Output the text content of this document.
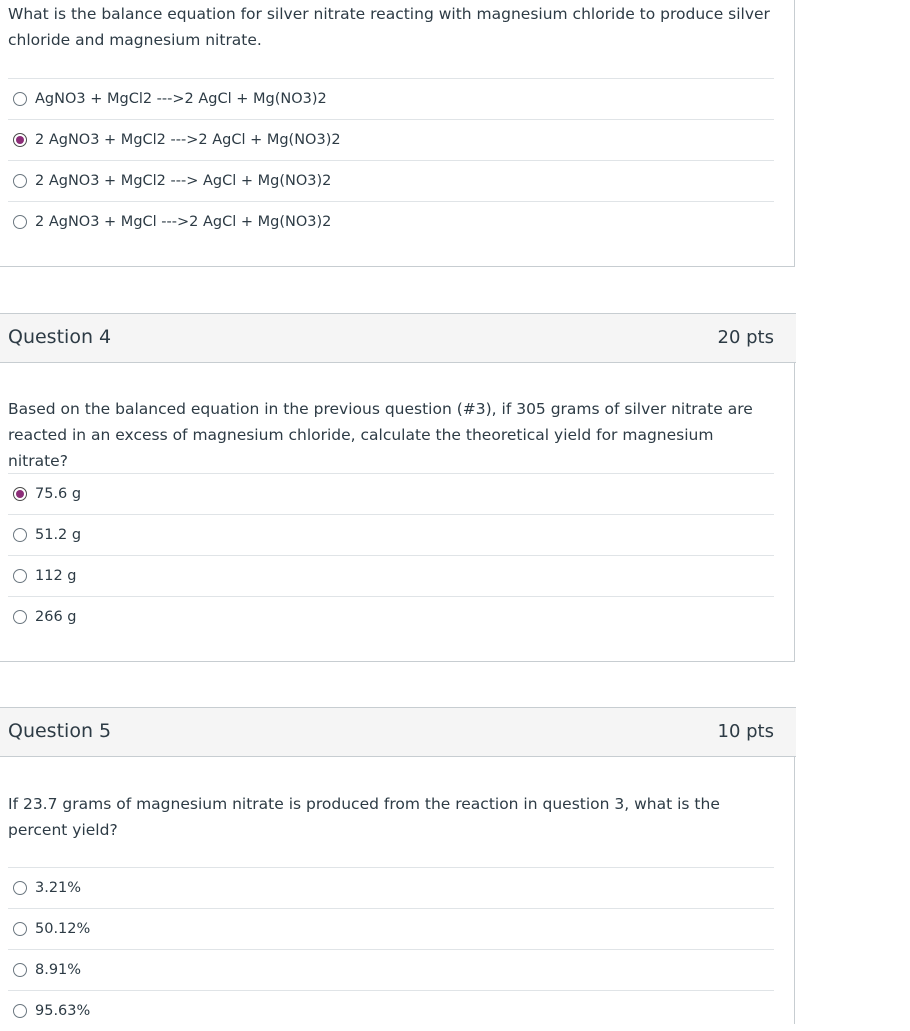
What is the balance equation for silver nitrate reacting with magnesium chloride to produce silver chloride and magnesium nitrate.
AgNO3 + MgCl2 --->2 AgCl + Mg(NO3)2
2 AgNO3 + MgCl2 --->2 AgCl + Mg(NO3)2
2 AgNO3 + MgCl2 ---> AgCl + Mg(NO3)2
2 AgNO3 + MgCl --->2 AgCl + Mg(NO3)2
Question 4	20 pts
Based on the balanced equation in the previous question (#3), if 305 grams of silver nitrate are reacted in an excess of magnesium chloride, calculate the theoretical yield for magnesium nitrate?
75.6 g
51.2 g
112 g
266 g
Question 5	10 pts
If 23.7 grams of magnesium nitrate is produced from the reaction in question 3, what is the percent yield?
3.21%
50.12%
8.91%
95.63%
